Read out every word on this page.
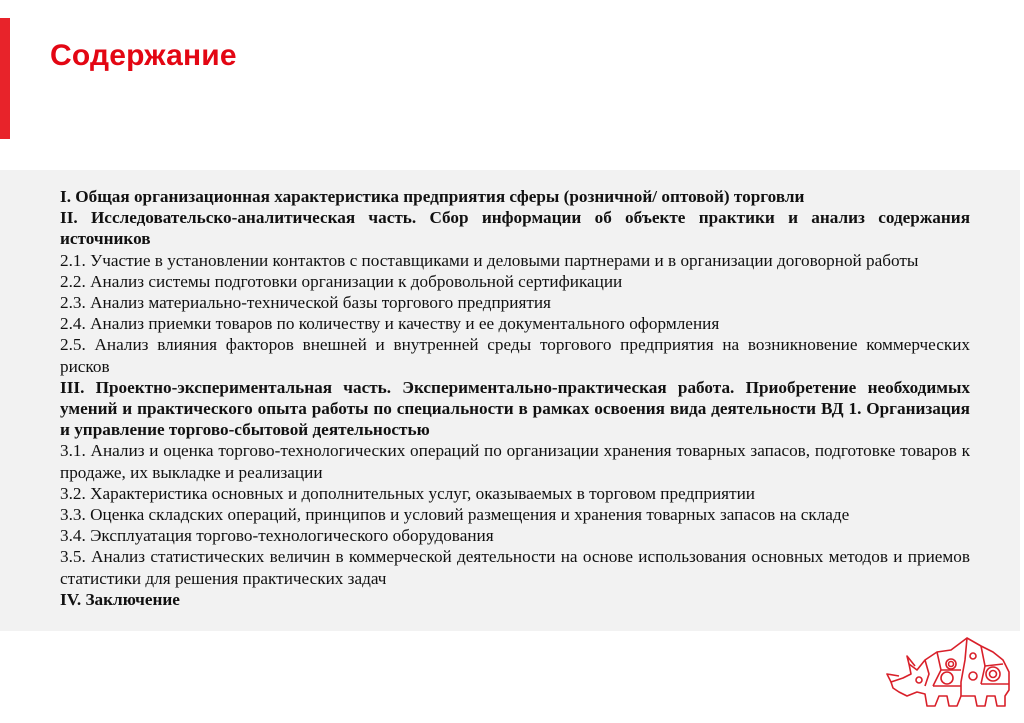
Содержание

I. Общая организационная характеристика предприятия сферы (розничной/ оптовой) торговли

II. Исследовательско-аналитическая часть. Сбор информации об объекте практики и анализ содержания источников

2.1. Участие в установлении контактов с поставщиками и деловыми партнерами и в организации договорной работы

2.2. Анализ системы подготовки организации к добровольной сертификации

2.3. Анализ материально-технической базы торгового предприятия

2.4. Анализ приемки товаров по количеству и качеству и ее документального оформления

2.5. Анализ влияния факторов внешней и внутренней среды торгового предприятия на возникновение коммерческих рисков

III. Проектно-экспериментальная часть. Экспериментально-практическая работа. Приобретение необходимых умений и практического опыта работы по специальности в рамках освоения вида деятельности ВД 1. Организация и управление торгово-сбытовой деятельностью

3.1. Анализ и оценка торгово-технологических операций по организации хранения товарных запасов, подготовке товаров к продаже, их выкладке и реализации

3.2. Характеристика основных и дополнительных услуг, оказываемых в торговом предприятии

3.3. Оценка складских операций, принципов и условий размещения и хранения товарных запасов на складе

3.4. Эксплуатация торгово-технологического оборудования

3.5. Анализ статистических величин в коммерческой деятельности на основе использования основных методов и приемов статистики для решения практических задач

IV. Заключение
